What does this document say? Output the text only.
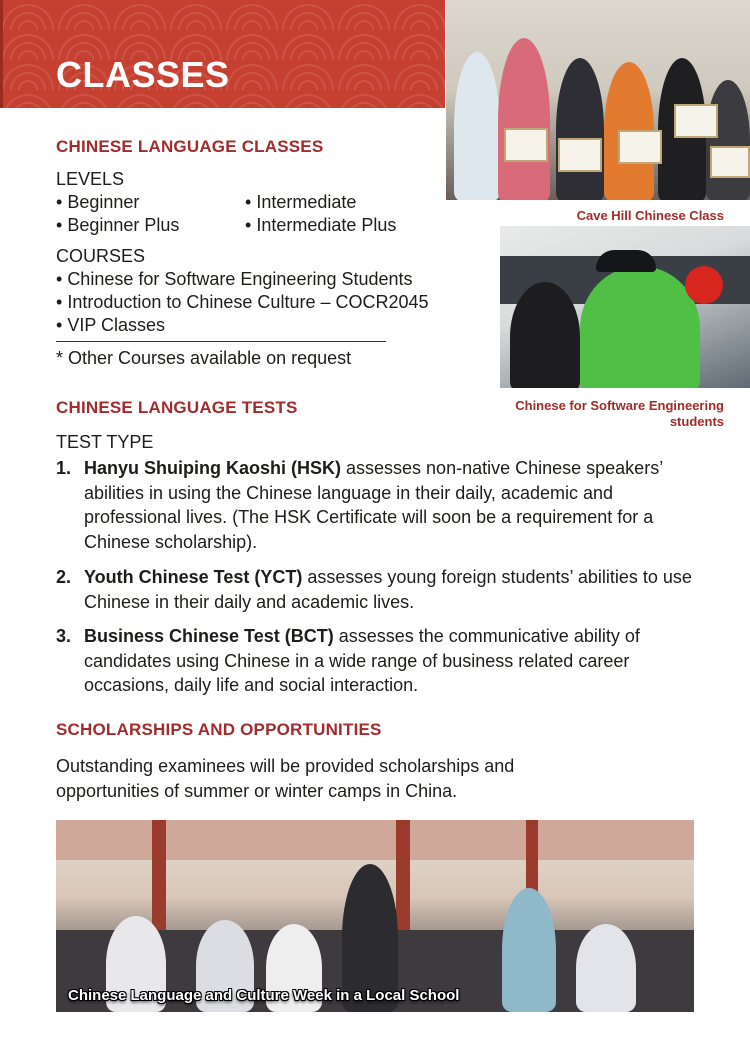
CLASSES

Cave Hill Chinese Class

Chinese for Software Engineering students

CHINESE LANGUAGE CLASSES

LEVELS

• Beginner	• Intermediate

• Beginner Plus	• Intermediate Plus

COURSES

• Chinese for Software Engineering Students

• Introduction to Chinese Culture – COCR2045

• VIP Classes

* Other Courses available on request

CHINESE LANGUAGE TESTS

TEST TYPE

1. Hanyu Shuiping Kaoshi (HSK) assesses non-native Chinese speakers’ abilities in using the Chinese language in their daily, academic and professional lives. (The HSK Certificate will soon be a requirement for a Chinese scholarship).
2. Youth Chinese Test (YCT) assesses young foreign students’ abilities to use Chinese in their daily and academic lives.
3. Business Chinese Test (BCT) assesses the communicative ability of candidates using Chinese in a wide range of business related career occasions, daily life and social interaction.
SCHOLARSHIPS AND OPPORTUNITIES

Outstanding examinees will be provided scholarships and opportunities of summer or winter camps in China.

Chinese Language and Culture Week in a Local School
